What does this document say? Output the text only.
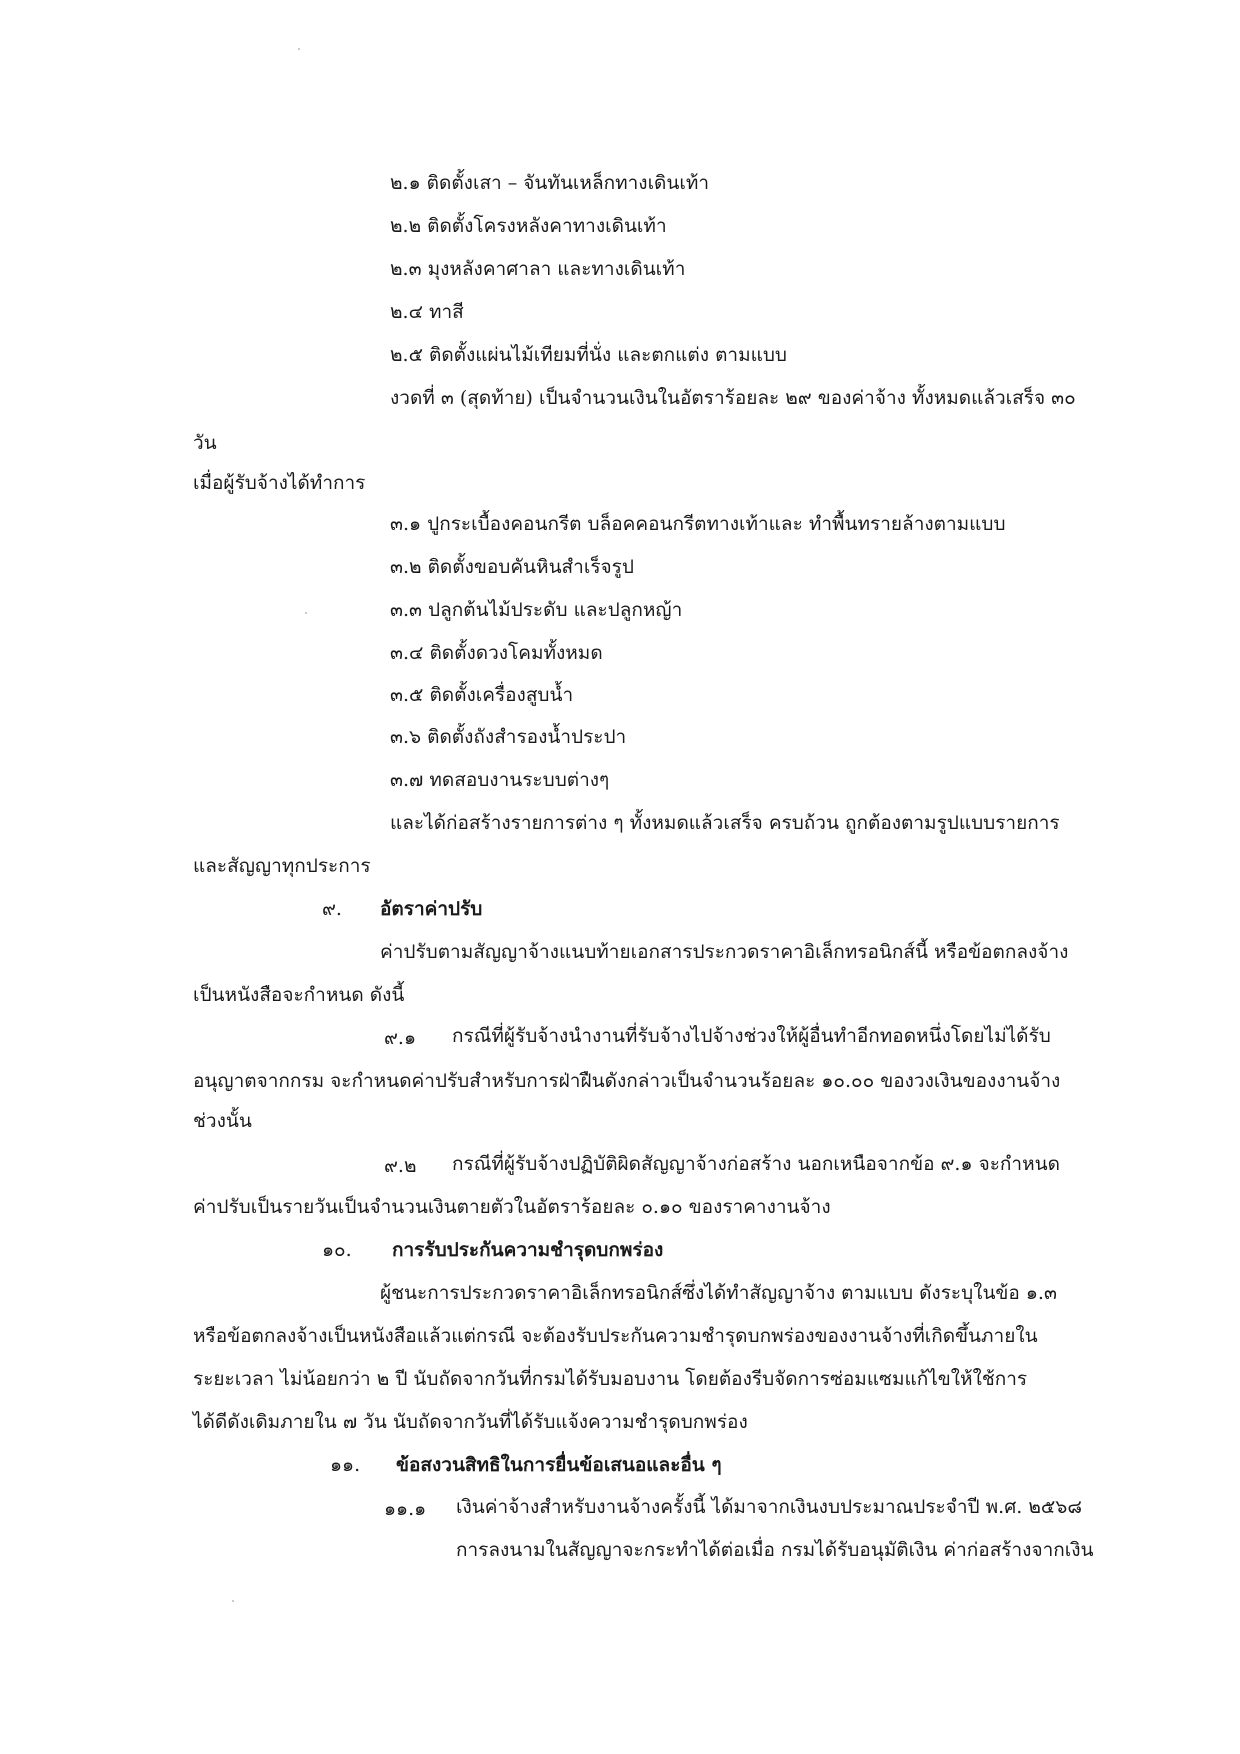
๒.๑ ติดตั้งเสา – จันทันเหล็กทางเดินเท้า
๒.๒ ติดตั้งโครงหลังคาทางเดินเท้า
๒.๓ มุงหลังคาศาลา และทางเดินเท้า
๒.๔ ทาสี
๒.๕ ติดตั้งแผ่นไม้เทียมที่นั่ง และตกแต่ง ตามแบบ
งวดที่ ๓ (สุดท้าย) เป็นจำนวนเงินในอัตราร้อยละ ๒๙ ของค่าจ้าง ทั้งหมดแล้วเสร็จ ๓๐
วัน
เมื่อผู้รับจ้างได้ทำการ
๓.๑ ปูกระเบื้องคอนกรีต บล็อคคอนกรีตทางเท้าและ ทำพื้นทรายล้างตามแบบ
๓.๒ ติดตั้งขอบคันหินสำเร็จรูป
๓.๓ ปลูกต้นไม้ประดับ และปลูกหญ้า
๓.๔ ติดตั้งดวงโคมทั้งหมด
๓.๕ ติดตั้งเครื่องสูบน้ำ
๓.๖ ติดตั้งถังสำรองน้ำประปา
๓.๗ ทดสอบงานระบบต่างๆ
และได้ก่อสร้างรายการต่าง ๆ ทั้งหมดแล้วเสร็จ ครบถ้วน ถูกต้องตามรูปแบบรายการ
และสัญญาทุกประการ
๙. อัตราค่าปรับ
ค่าปรับตามสัญญาจ้างแนบท้ายเอกสารประกวดราคาอิเล็กทรอนิกส์นี้ หรือข้อตกลงจ้าง
เป็นหนังสือจะกำหนด ดังนี้
๙.๑ กรณีที่ผู้รับจ้างนำงานที่รับจ้างไปจ้างช่วงให้ผู้อื่นทำอีกทอดหนึ่งโดยไม่ได้รับ
อนุญาตจากกรม จะกำหนดค่าปรับสำหรับการฝ่าฝืนดังกล่าวเป็นจำนวนร้อยละ ๑๐.๐๐ ของวงเงินของงานจ้าง
ช่วงนั้น
๙.๒ กรณีที่ผู้รับจ้างปฏิบัติผิดสัญญาจ้างก่อสร้าง นอกเหนือจากข้อ ๙.๑ จะกำหนด
ค่าปรับเป็นรายวันเป็นจำนวนเงินตายตัวในอัตราร้อยละ ๐.๑๐ ของราคางานจ้าง
๑๐. การรับประกันความชำรุดบกพร่อง
ผู้ชนะการประกวดราคาอิเล็กทรอนิกส์ซึ่งได้ทำสัญญาจ้าง ตามแบบ ดังระบุในข้อ ๑.๓
หรือข้อตกลงจ้างเป็นหนังสือแล้วแต่กรณี จะต้องรับประกันความชำรุดบกพร่องของงานจ้างที่เกิดขึ้นภายใน
ระยะเวลา ไม่น้อยกว่า ๒ ปี นับถัดจากวันที่กรมได้รับมอบงาน โดยต้องรีบจัดการซ่อมแซมแก้ไขให้ใช้การ
ได้ดีดังเดิมภายใน ๗ วัน นับถัดจากวันที่ได้รับแจ้งความชำรุดบกพร่อง
๑๑. ข้อสงวนสิทธิในการยื่นข้อเสนอและอื่น ๆ
๑๑.๑ เงินค่าจ้างสำหรับงานจ้างครั้งนี้ ได้มาจากเงินงบประมาณประจำปี พ.ศ. ๒๕๖๘
การลงนามในสัญญาจะกระทำได้ต่อเมื่อ กรมได้รับอนุมัติเงิน ค่าก่อสร้างจากเงิน
